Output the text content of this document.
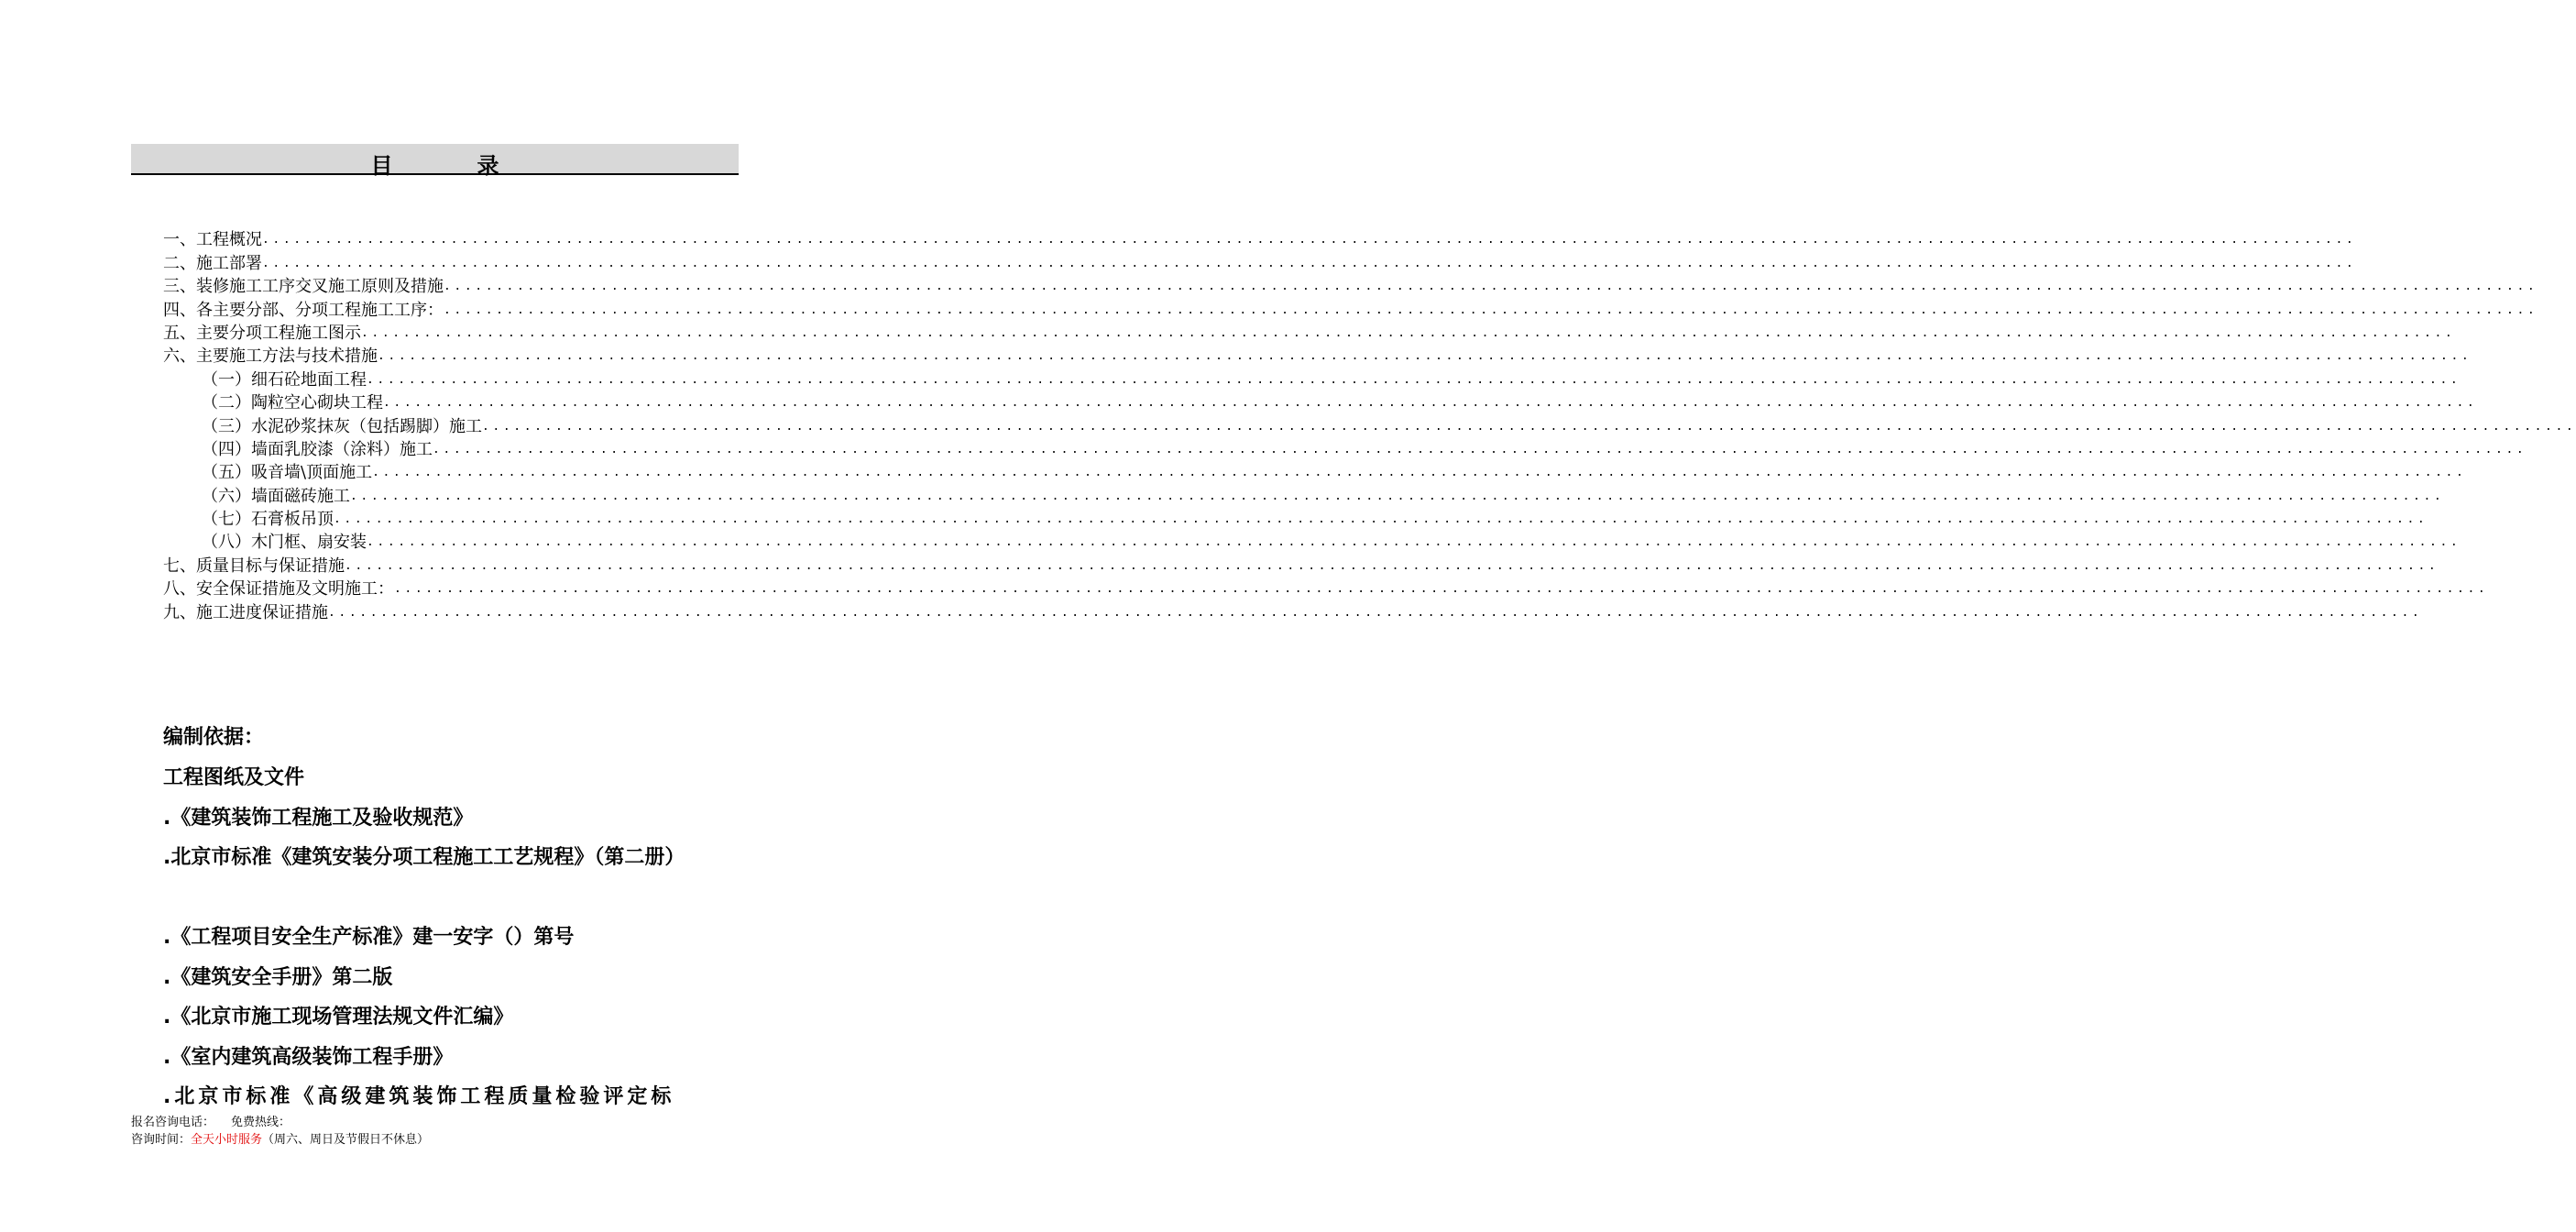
目录
一、工程概况 ........................................................................................................................................................................................................
二、施工部署 ........................................................................................................................................................................................................
三、装修施工工序交叉施工原则及措施 ........................................................................................................................................................................................................
四、各主要分部、分项工程施工工序： ........................................................................................................................................................................................................
五、主要分项工程施工图示 ........................................................................................................................................................................................................
六、主要施工方法与技术措施 ........................................................................................................................................................................................................
（一）细石砼地面工程 ........................................................................................................................................................................................................
（二）陶粒空心砌块工程 ........................................................................................................................................................................................................
（三）水泥砂浆抹灰（包括踢脚）施工 ........................................................................................................................................................................................................
（四）墙面乳胶漆（涂料）施工 ........................................................................................................................................................................................................
（五）吸音墙\顶面施工 ........................................................................................................................................................................................................
（六）墙面磁砖施工 ........................................................................................................................................................................................................
（七）石膏板吊顶 ........................................................................................................................................................................................................
（八）木门框、扇安装 ........................................................................................................................................................................................................
七、质量目标与保证措施 ........................................................................................................................................................................................................
八、安全保证措施及文明施工： ........................................................................................................................................................................................................
九、施工进度保证措施 ........................................................................................................................................................................................................
编制依据：
工程图纸及文件
.《建筑装饰工程施工及验收规范》
.北京市标准《建筑安装分项工程施工工艺规程》（第二册）
.《工程项目安全生产标准》建一安字（）第号
.《建筑安全手册》第二版
.《北京市施工现场管理法规文件汇编》
.《室内建筑高级装饰工程手册》
.北京市标准《高级建筑装饰工程质量检验评定标
报名咨询电话： 免费热线：
咨询时间：全天小时服务（周六、周日及节假日不休息）
